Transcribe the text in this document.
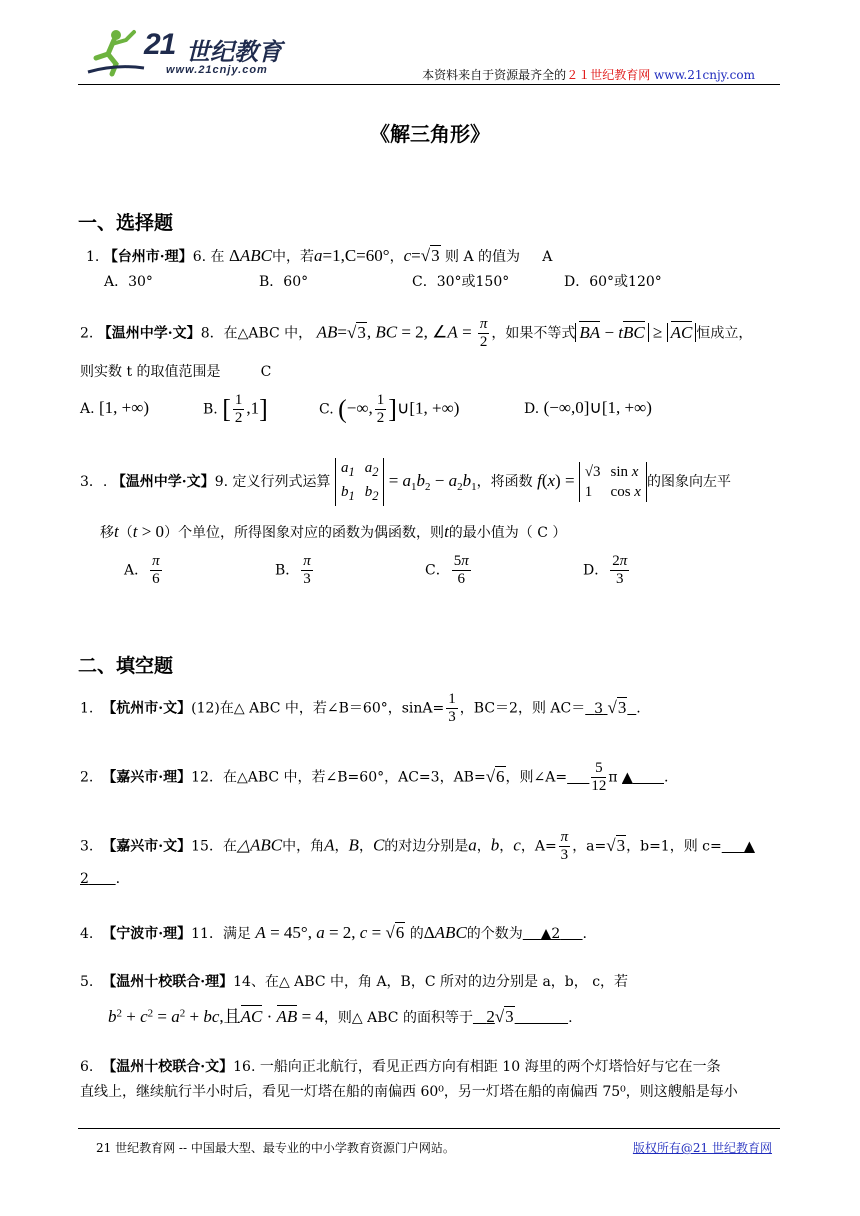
21 世纪教育
www.21cnjy.com	本资料来自于资源最齐全的２１世纪教育网 www.21cnjy.com
《解三角形》
一、选择题
1. 【台州市·理】6. 在 ΔABC中，若a=1,C=60°，c=√3 则 A 的值为 A
A．30°	B．60°	C．30°或150°	D．60°或120°
2. 【温州中学·文】8．在△ABC 中， AB=√3, BC = 2, ∠A = $\frac{\pi}{2}$ ，如果不等式 BA − tBC ≥ AC 恒成立，
则实数 t 的取值范围是	C
A. [1, +∞)	B. [ $\frac{1}{2} ,1$]	C. (−∞, $\frac{1}{2}$ ]∪[1, +∞)	D. (−∞,0]∪[1, +∞)
3．. 【温州中学·文】9. 定义行列式运算 $a_1$	$a_2$
$b_1$	$b_2 = a_1b_2 - a_2b_1$，将函数 f(x) = √3	sin x
1	cos x的图象向左平
移t（t > 0）个单位，所得图象对应的函数为偶函数，则t的最小值为（ C ）
A． $\frac{\pi}{6}$	B． $\frac{\pi}{3}$	C． $\frac{5\pi}{6}$	D． $\frac{2\pi}{3}$
二、填空题
1. 【杭州市·文】(12)在△ ABC 中，若∠B＝60°，$\sin A= \frac{1}{3}$ ，BC＝2，则 AC＝ 3 √3 .
2. 【嘉兴市·理】12．在△ABC 中，若∠B=60°，AC=3，AB=√6，则∠A= $\frac{5}{12}$ π ▲ .
3. 【嘉兴市·文】15．在△ABC中，角A，B，C的对边分别是a，b，c，$A= \frac{\pi}{3}$ ，a=√3，b=1，则 c= ▲
2 .
4. 【宁波市·理】11．满足 A = 45°, a = 2, c = √6 的ΔABC的个数为 ▲2 .
5. 【温州十校联合·理】14、在△ ABC 中，角 A，B，C 所对的边分别是 a，b， c，若
$b^2 + c^2 = a^2$ + bc,且AC · AB = 4，则△ ABC 的面积等于 2√3	.
6. 【温州十校联合·文】16. 一船向正北航行，看见正西方向有相距 10 海里的两个灯塔恰好与它在一条
直线上，继续航行半小时后，看见一灯塔在船的南偏西 60⁰，另一灯塔在船的南偏西 75⁰，则这艘船是每小
21 世纪教育网 -- 中国最大型、最专业的中小学教育资源门户网站。	版权所有@21 世纪教育网
